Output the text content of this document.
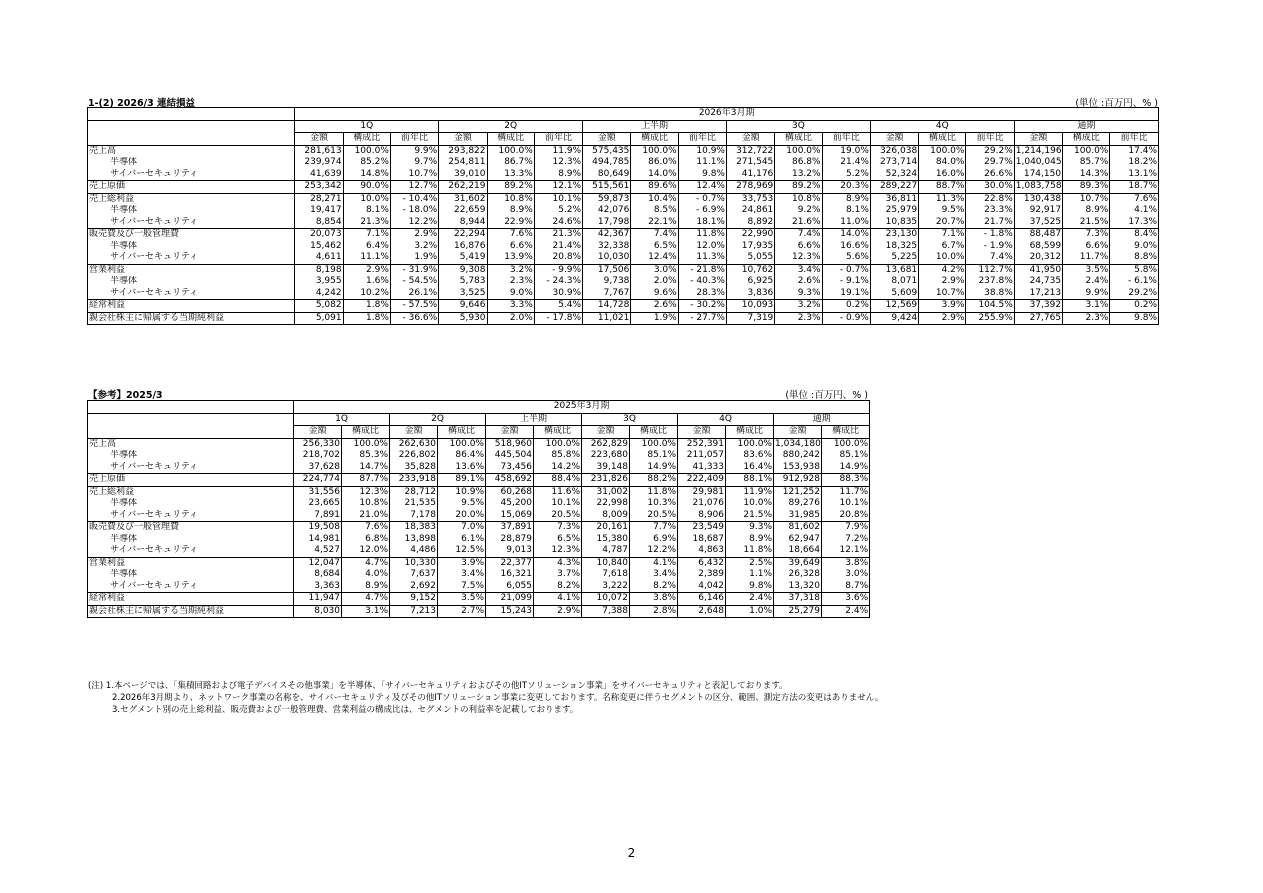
1-(2) 2026/3 連結損益	(単位 :百万円、% )
	2026年3月期																	
	1Q			2Q			上半期			3Q			4Q			通期		
	金額	構成比	前年比	金額	構成比	前年比	金額	構成比	前年比	金額	構成比	前年比	金額	構成比	前年比	金額	構成比	前年比
売上高	281,613	100.0%	9.9%	293,822	100.0%	11.9%	575,435	100.0%	10.9%	312,722	100.0%	19.0%	326,038	100.0%	29.2%	1,214,196	100.0%	17.4%
半導体	239,974	85.2%	9.7%	254,811	86.7%	12.3%	494,785	86.0%	11.1%	271,545	86.8%	21.4%	273,714	84.0%	29.7%	1,040,045	85.7%	18.2%
サイバーセキュリティ	41,639	14.8%	10.7%	39,010	13.3%	8.9%	80,649	14.0%	9.8%	41,176	13.2%	5.2%	52,324	16.0%	26.6%	174,150	14.3%	13.1%
売上原価	253,342	90.0%	12.7%	262,219	89.2%	12.1%	515,561	89.6%	12.4%	278,969	89.2%	20.3%	289,227	88.7%	30.0%	1,083,758	89.3%	18.7%
売上総利益	28,271	10.0%	- 10.4%	31,602	10.8%	10.1%	59,873	10.4%	- 0.7%	33,753	10.8%	8.9%	36,811	11.3%	22.8%	130,438	10.7%	7.6%
半導体	19,417	8.1%	- 18.0%	22,659	8.9%	5.2%	42,076	8.5%	- 6.9%	24,861	9.2%	8.1%	25,979	9.5%	23.3%	92,917	8.9%	4.1%
サイバーセキュリティ	8,854	21.3%	12.2%	8,944	22.9%	24.6%	17,798	22.1%	18.1%	8,892	21.6%	11.0%	10,835	20.7%	21.7%	37,525	21.5%	17.3%
販売費及び一般管理費	20,073	7.1%	2.9%	22,294	7.6%	21.3%	42,367	7.4%	11.8%	22,990	7.4%	14.0%	23,130	7.1%	- 1.8%	88,487	7.3%	8.4%
半導体	15,462	6.4%	3.2%	16,876	6.6%	21.4%	32,338	6.5%	12.0%	17,935	6.6%	16.6%	18,325	6.7%	- 1.9%	68,599	6.6%	9.0%
サイバーセキュリティ	4,611	11.1%	1.9%	5,419	13.9%	20.8%	10,030	12.4%	11.3%	5,055	12.3%	5.6%	5,225	10.0%	7.4%	20,312	11.7%	8.8%
営業利益	8,198	2.9%	- 31.9%	9,308	3.2%	- 9.9%	17,506	3.0%	- 21.8%	10,762	3.4%	- 0.7%	13,681	4.2%	112.7%	41,950	3.5%	5.8%
半導体	3,955	1.6%	- 54.5%	5,783	2.3%	- 24.3%	9,738	2.0%	- 40.3%	6,925	2.6%	- 9.1%	8,071	2.9%	237.8%	24,735	2.4%	- 6.1%
サイバーセキュリティ	4,242	10.2%	26.1%	3,525	9.0%	30.9%	7,767	9.6%	28.3%	3,836	9.3%	19.1%	5,609	10.7%	38.8%	17,213	9.9%	29.2%
経常利益	5,082	1.8%	- 57.5%	9,646	3.3%	5.4%	14,728	2.6%	- 30.2%	10,093	3.2%	0.2%	12,569	3.9%	104.5%	37,392	3.1%	0.2%
親会社株主に帰属する当期純利益	5,091	1.8%	- 36.6%	5,930	2.0%	- 17.8%	11,021	1.9%	- 27.7%	7,319	2.3%	- 0.9%	9,424	2.9%	255.9%	27,765	2.3%	9.8%
【参考】2025/3	(単位 :百万円、% )
	2025年3月期											
	1Q		2Q		上半期		3Q		4Q		通期	
	金額	構成比	金額	構成比	金額	構成比	金額	構成比	金額	構成比	金額	構成比
売上高	256,330	100.0%	262,630	100.0%	518,960	100.0%	262,829	100.0%	252,391	100.0%	1,034,180	100.0%
半導体	218,702	85.3%	226,802	86.4%	445,504	85.8%	223,680	85.1%	211,057	83.6%	880,242	85.1%
サイバーセキュリティ	37,628	14.7%	35,828	13.6%	73,456	14.2%	39,148	14.9%	41,333	16.4%	153,938	14.9%
売上原価	224,774	87.7%	233,918	89.1%	458,692	88.4%	231,826	88.2%	222,409	88.1%	912,928	88.3%
売上総利益	31,556	12.3%	28,712	10.9%	60,268	11.6%	31,002	11.8%	29,981	11.9%	121,252	11.7%
半導体	23,665	10.8%	21,535	9.5%	45,200	10.1%	22,998	10.3%	21,076	10.0%	89,276	10.1%
サイバーセキュリティ	7,891	21.0%	7,178	20.0%	15,069	20.5%	8,009	20.5%	8,906	21.5%	31,985	20.8%
販売費及び一般管理費	19,508	7.6%	18,383	7.0%	37,891	7.3%	20,161	7.7%	23,549	9.3%	81,602	7.9%
半導体	14,981	6.8%	13,898	6.1%	28,879	6.5%	15,380	6.9%	18,687	8.9%	62,947	7.2%
サイバーセキュリティ	4,527	12.0%	4,486	12.5%	9,013	12.3%	4,787	12.2%	4,863	11.8%	18,664	12.1%
営業利益	12,047	4.7%	10,330	3.9%	22,377	4.3%	10,840	4.1%	6,432	2.5%	39,649	3.8%
半導体	8,684	4.0%	7,637	3.4%	16,321	3.7%	7,618	3.4%	2,389	1.1%	26,328	3.0%
サイバーセキュリティ	3,363	8.9%	2,692	7.5%	6,055	8.2%	3,222	8.2%	4,042	9.8%	13,320	8.7%
経常利益	11,947	4.7%	9,152	3.5%	21,099	4.1%	10,072	3.8%	6,146	2.4%	37,318	3.6%
親会社株主に帰属する当期純利益	8,030	3.1%	7,213	2.7%	15,243	2.9%	7,388	2.8%	2,648	1.0%	25,279	2.4%
(注) 1.本ページでは、「集積回路および電子デバイスその他事業」を半導体、「サイバーセキュリティおよびその他ITソリューション事業」をサイバーセキュリティと表記しております。
2.2026年3月期より、ネットワーク事業の名称を、サイバーセキュリティ及びその他ITソリューション事業に変更しております。名称変更に伴うセグメントの区分、範囲、測定方法の変更はありません。
3.セグメント別の売上総利益、販売費および一般管理費、営業利益の構成比は、セグメントの利益率を記載しております。
2
